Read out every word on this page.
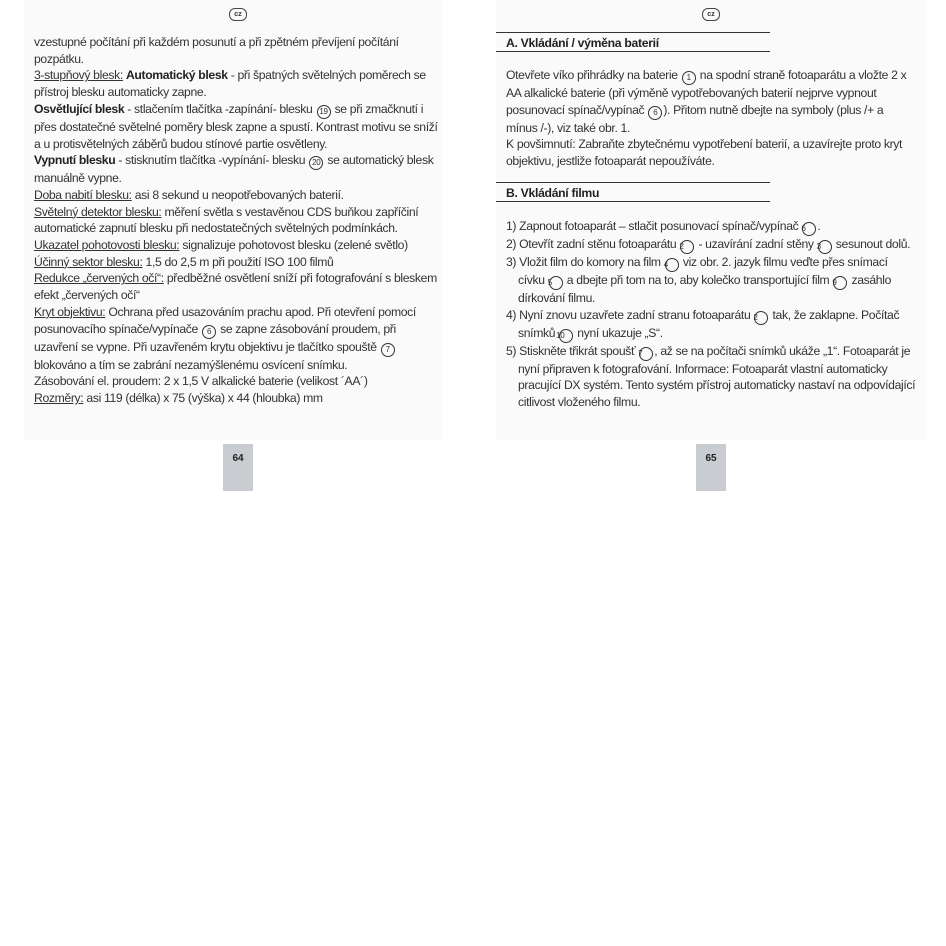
cz

vzestupné počítání při každém posunutí a při zpětném převíjení počítání pozpátku.

3-stupňový blesk: Automatický blesk - při špatných světelných poměrech se přístroj blesku automaticky zapne.

Osvětlující blesk - stlačením tlačítka -zapínání- blesku 19 se při zmačknutí i přes dostatečné světelné poměry blesk zapne a spustí. Kontrast motivu se sníží a u protisvětelných záběrů budou stínové partie osvětleny.

Vypnutí blesku - stisknutím tlačítka -vypínání- blesku 20 se automatický blesk manuálně vypne.

Doba nabití blesku: asi 8 sekund u neopotřebovaných baterií.

Světelný detektor blesku: měření světla s vestavěnou CDS buňkou zapříčiní automatické zapnutí blesku při nedostatečných světelných podmínkách.

Ukazatel pohotovosti blesku: signalizuje pohotovost blesku (zelené světlo)

Účinný sektor blesku: 1,5 do 2,5 m při použití ISO 100 filmů

Redukce „červených očí“: předběžné osvětlení sníží při fotografování s bleskem efekt „červených očí“

Kryt objektivu: Ochrana před usazováním prachu apod. Při otevření pomocí posunovacího spínače/vypínače 6 se zapne zásobování proudem, při uzavření se vypne. Při uzavřeném krytu objektivu je tlačítko spouště 7 blokováno a tím se zabrání nezamýšlenému osvícení snímku.

Zásobování el. proudem: 2 x 1,5 V alkalické baterie (velikost ´AA´)

Rozměry: asi 119 (délka) x 75 (výška) x 44 (hloubka) mm

64
cz
A. Vkládání / výměna baterií

Otevřete víko přihrádky na baterie 1 na spodní straně fotoaparátu a vložte 2 x AA alkalické baterie (při výměně vypotřebovaných baterií nejprve vypnout posunovací spínač/vypínač 6 ). Přitom nutně dbejte na symboly (plus /+ a mínus /-), viz také obr. 1.

K povšimnutí: Zabraňte zbytečnému vypotřebení baterií, a uzavírejte proto kryt objektivu, jestliže fotoaparát nepoužíváte.

B. Vkládání filmu

1) Zapnout fotoaparát – stlačit posunovací spínač/vypínač 6 .

2) Otevřít zadní stěnu fotoaparátu 2 - uzavírání zadní stěny 3 sesunout dolů.

3) Vložit film do komory na film 4 viz obr. 2. jazyk filmu veďte přes snímací cívku 5 a dbejte při tom na to, aby kolečko transportující film 9 zasáhlo dírkování filmu.

4) Nyní znovu uzavřete zadní stranu fotoaparátu 2 tak, že zaklapne. Počítač snímků 10 nyní ukazuje „S“.

5) Stiskněte třikrát spoušť 7 , až se na počítači snímků ukáže „1“. Fotoaparát je nyní připraven k fotografování. Informace: Fotoaparát vlastní automaticky pracující DX systém. Tento systém přístroj automaticky nastaví na odpovídající citlivost vloženého filmu.

65
